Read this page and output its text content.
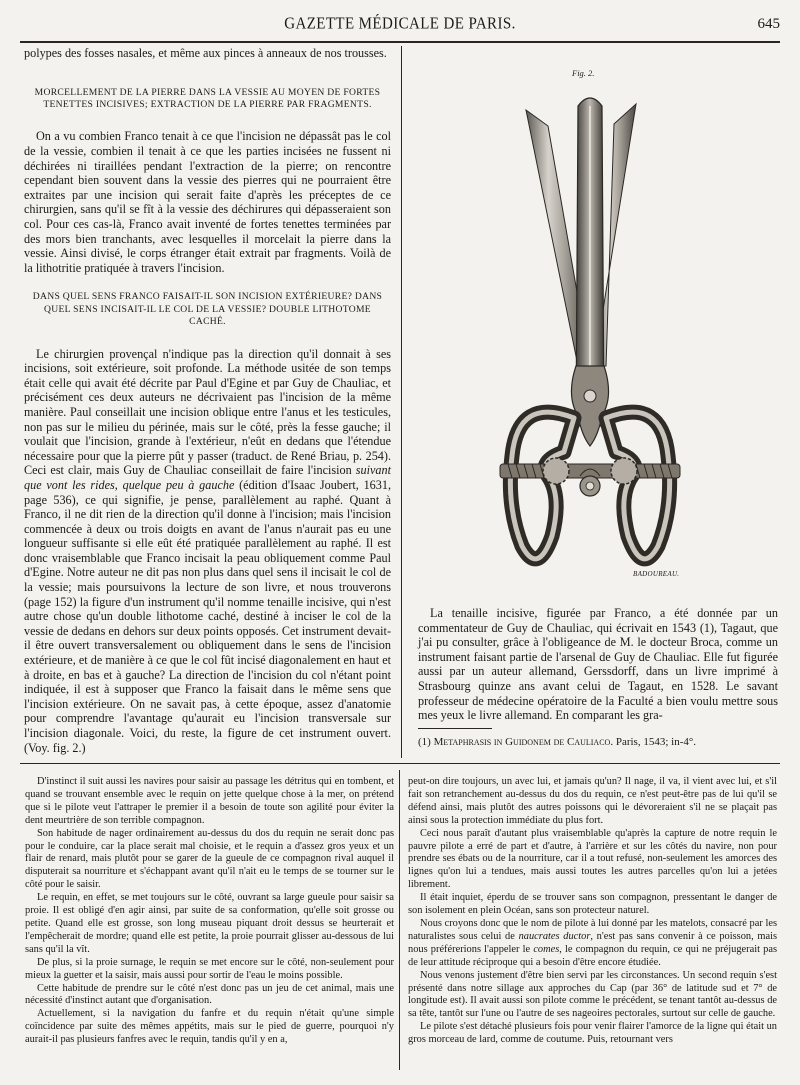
GAZETTE MÉDICALE DE PARIS.	645

polypes des fosses nasales, et même aux pinces à anneaux de nos trousses.

MORCELLEMENT DE LA PIERRE DANS LA VESSIE AU MOYEN DE FORTES TENETTES INCISIVES; EXTRACTION DE LA PIERRE PAR FRAGMENTS.

On a vu combien Franco tenait à ce que l'incision ne dépassât pas le col de la vessie, combien il tenait à ce que les parties incisées ne fussent ni déchirées ni tiraillées pendant l'extraction de la pierre; on rencontre cependant bien souvent dans la vessie des pierres qui ne pourraient être extraites par une incision qui serait faite d'après les préceptes de ce chirurgien, sans qu'il se fît à la vessie des déchirures qui dépasseraient son col. Pour ces cas-là, Franco avait inventé de fortes tenettes terminées par des mors bien tranchants, avec lesquelles il morcelait la pierre dans la vessie. Ainsi divisé, le corps étranger était extrait par fragments. Voilà de la lithotritie pratiquée à travers l'incision.

DANS QUEL SENS FRANCO FAISAIT-IL SON INCISION EXTÉRIEURE? DANS QUEL SENS INCISAIT-IL LE COL DE LA VESSIE? DOUBLE LITHOTOME CACHÉ.

Le chirurgien provençal n'indique pas la direction qu'il donnait à ses incisions, soit extérieure, soit profonde. La méthode usitée de son temps était celle qui avait été décrite par Paul d'Egine et par Guy de Chauliac, et précisément ces deux auteurs ne décrivaient pas l'incision de la même manière. Paul conseillait une incision oblique entre l'anus et les testicules, non pas sur le milieu du périnée, mais sur le côté, près la fesse gauche; il voulait que l'incision, grande à l'extérieur, n'eût en dedans que l'étendue nécessaire pour que la pierre pût y passer (traduct. de René Briau, p. 254). Ceci est clair, mais Guy de Chauliac conseillait de faire l'incision suivant que vont les rides, quelque peu à gauche (édition d'Isaac Joubert, 1631, page 536), ce qui signifie, je pense, parallèlement au raphé. Quant à Franco, il ne dit rien de la direction qu'il donne à l'incision; mais l'incision commencée à deux ou trois doigts en avant de l'anus n'aurait pas eu une longueur suffisante si elle eût été pratiquée parallèlement au raphé. Il est donc vraisemblable que Franco incisait la peau obliquement comme Paul d'Egine. Notre auteur ne dit pas non plus dans quel sens il incisait le col de la vessie; mais poursuivons la lecture de son livre, et nous trouverons (page 152) la figure d'un instrument qu'il nomme tenaille incisive, qui n'est autre chose qu'un double lithotome caché, destiné à inciser le col de la vessie de dedans en dehors sur deux points opposés. Cet instrument devait-il être ouvert transversalement ou obliquement dans le sens de l'incision extérieure, et de manière à ce que le col fût incisé diagonalement en haut et à droite, en bas et à gauche? La direction de l'incision du col n'étant point indiquée, il est à supposer que Franco la faisait dans le même sens que l'incision extérieure. On ne savait pas, à cette époque, assez d'anatomie pour comprendre l'avantage qu'aurait eu l'incision transversale sur l'incision diagonale. Voici, du reste, la figure de cet instrument ouvert. (Voy. fig. 2.)

Fig. 2.
BADOUREAU.

La tenaille incisive, figurée par Franco, a été donnée par un commentateur de Guy de Chauliac, qui écrivait en 1543 (1), Tagaut, que j'ai pu consulter, grâce à l'obligeance de M. le docteur Broca, comme un instrument faisant partie de l'arsenal de Guy de Chauliac. Elle fut figurée aussi par un auteur allemand, Gerssdorff, dans un livre imprimé à Strasbourg quinze ans avant celui de Tagaut, en 1528. Le savant professeur de médecine opératoire de la Faculté a bien voulu mettre sous mes yeux le livre allemand. En comparant les gra-

(1) Metaphrasis in Guidonem de Cauliaco. Paris, 1543; in-4°.

D'instinct il suit aussi les navires pour saisir au passage les détritus qui en tombent, et quand se trouvant ensemble avec le requin on jette quelque chose à la mer, on prétend que si le pilote veut l'attraper le premier il a besoin de toute son agilité pour éviter la dent meurtrière de son terrible compagnon.

Son habitude de nager ordinairement au-dessus du dos du requin ne serait donc pas pour le conduire, car la place serait mal choisie, et le requin a d'assez gros yeux et un flair de renard, mais plutôt pour se garer de la gueule de ce compagnon rival auquel il disputerait sa nourriture et s'échappant avant qu'il n'ait eu le temps de se tourner sur le côté pour le saisir.

Le requin, en effet, se met toujours sur le côté, ouvrant sa large gueule pour saisir sa proie. Il est obligé d'en agir ainsi, par suite de sa conformation, qu'elle soit grosse ou petite. Quand elle est grosse, son long museau piquant droit dessus se heurterait et l'empêcherait de mordre; quand elle est petite, la proie pourrait glisser au-dessous de lui sans qu'il la vît.

De plus, si la proie surnage, le requin se met encore sur le côté, non-seulement pour mieux la guetter et la saisir, mais aussi pour sortir de l'eau le moins possible.

Cette habitude de prendre sur le côté n'est donc pas un jeu de cet animal, mais une nécessité d'instinct autant que d'organisation.

Actuellement, si la navigation du fanfre et du requin n'était qu'une simple coïncidence par suite des mêmes appétits, mais sur le pied de guerre, pourquoi n'y aurait-il pas plusieurs fanfres avec le requin, tandis qu'il y en a,

peut-on dire toujours, un avec lui, et jamais qu'un? Il nage, il va, il vient avec lui, et s'il fait son retranchement au-dessus du dos du requin, ce n'est peut-être pas de lui qu'il se défend ainsi, mais plutôt des autres poissons qui le dévoreraient s'il ne se plaçait pas ainsi sous la protection immédiate du plus fort.

Ceci nous paraît d'autant plus vraisemblable qu'après la capture de notre requin le pauvre pilote a erré de part et d'autre, à l'arrière et sur les côtés du navire, non pour prendre ses ébats ou de la nourriture, car il a tout refusé, non-seulement les amorces des lignes qu'on lui a tendues, mais aussi toutes les autres parcelles qu'on lui a jetées librement.

Il était inquiet, éperdu de se trouver sans son compagnon, pressentant le danger de son isolement en plein Océan, sans son protecteur naturel.

Nous croyons donc que le nom de pilote à lui donné par les matelots, consacré par les naturalistes sous celui de naucrates ductor, n'est pas sans convenir à ce poisson, mais nous préférerions l'appeler le comes, le compagnon du requin, ce qui ne préjugerait pas de leur attitude réciproque qui a besoin d'être encore étudiée.

Nous venons justement d'être bien servi par les circonstances. Un second requin s'est présenté dans notre sillage aux approches du Cap (par 36° de latitude sud et 7° de longitude est). Il avait aussi son pilote comme le précédent, se tenant tantôt au-dessus de sa tête, tantôt sur l'une ou l'autre de ses nageoires pectorales, surtout sur celle de gauche.

Le pilote s'est détaché plusieurs fois pour venir flairer l'amorce de la ligne qui était un gros morceau de lard, comme de coutume. Puis, retournant vers
